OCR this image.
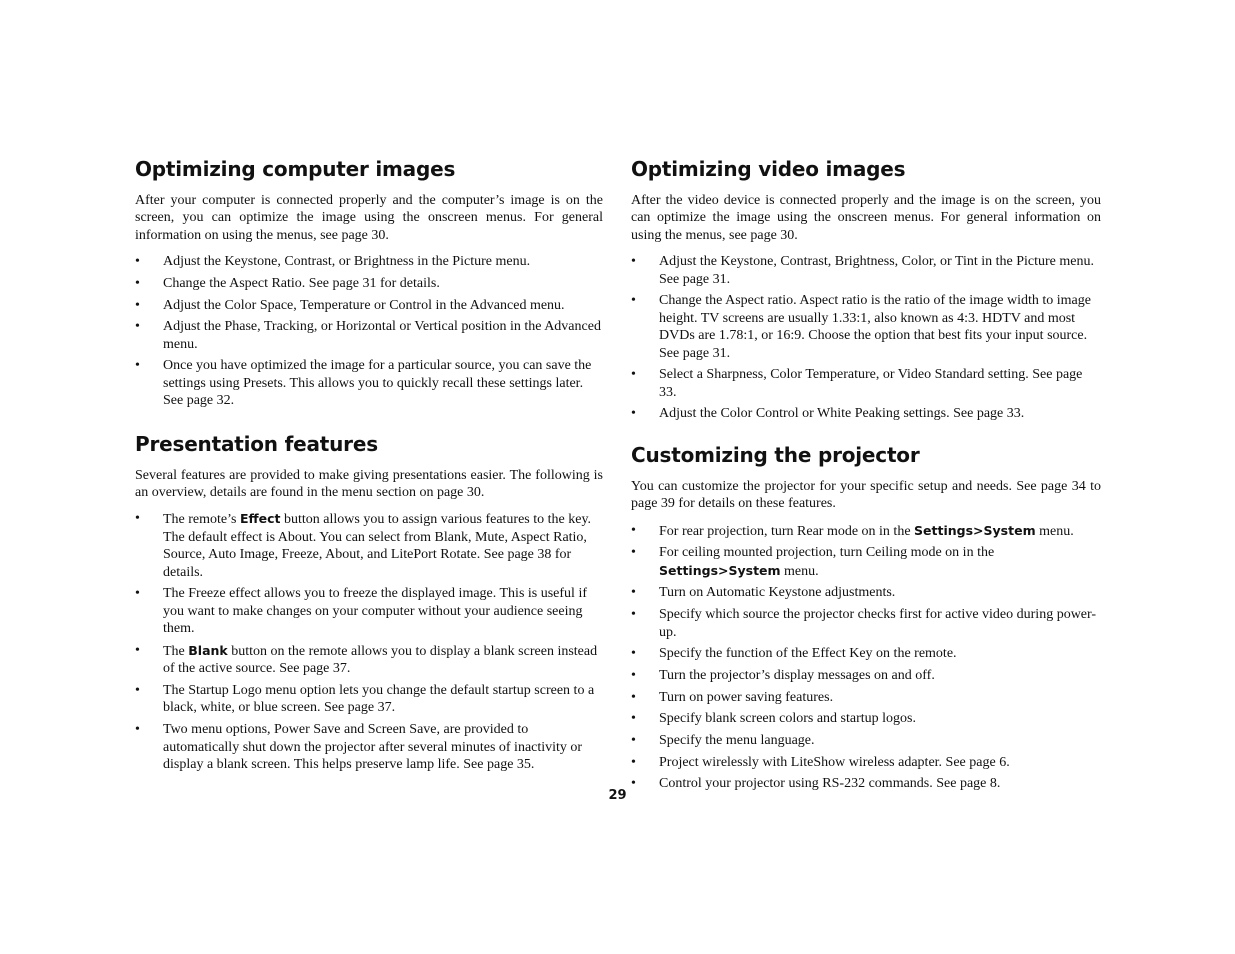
Optimizing computer images

After your computer is connected properly and the computer’s image is on the screen, you can optimize the image using the onscreen menus. For general information on using the menus, see page 30.

• Adjust the Keystone, Contrast, or Brightness in the Picture menu.
• Change the Aspect Ratio. See page 31 for details.
• Adjust the Color Space, Temperature or Control in the Advanced menu.
• Adjust the Phase, Tracking, or Horizontal or Vertical position in the Advanced menu.
• Once you have optimized the image for a particular source, you can save the settings using Presets. This allows you to quickly recall these settings later. See page 32.
Presentation features

Several features are provided to make giving presentations easier. The following is an overview, details are found in the menu section on page 30.

• The remote’s Effect button allows you to assign various features to the key. The default effect is About. You can select from Blank, Mute, Aspect Ratio, Source, Auto Image, Freeze, About, and LitePort Rotate. See page 38 for details.
• The Freeze effect allows you to freeze the displayed image. This is useful if you want to make changes on your computer without your audience seeing them.
• The Blank button on the remote allows you to display a blank screen instead of the active source. See page 37.
• The Startup Logo menu option lets you change the default startup screen to a black, white, or blue screen. See page 37.
• Two menu options, Power Save and Screen Save, are provided to automatically shut down the projector after several minutes of inactivity or display a blank screen. This helps preserve lamp life. See page 35.
Optimizing video images

After the video device is connected properly and the image is on the screen, you can optimize the image using the onscreen menus. For general information on using the menus, see page 30.

• Adjust the Keystone, Contrast, Brightness, Color, or Tint in the Picture menu. See page 31.
• Change the Aspect ratio. Aspect ratio is the ratio of the image width to image height. TV screens are usually 1.33:1, also known as 4:3. HDTV and most DVDs are 1.78:1, or 16:9. Choose the option that best fits your input source. See page 31.
• Select a Sharpness, Color Temperature, or Video Standard setting. See page 33.
• Adjust the Color Control or White Peaking settings. See page 33.
Customizing the projector

You can customize the projector for your specific setup and needs. See page 34 to page 39 for details on these features.

• For rear projection, turn Rear mode on in the Settings>System menu.
• For ceiling mounted projection, turn Ceiling mode on in the Settings>System menu.
• Turn on Automatic Keystone adjustments.
• Specify which source the projector checks first for active video during power-up.
• Specify the function of the Effect Key on the remote.
• Turn the projector’s display messages on and off.
• Turn on power saving features.
• Specify blank screen colors and startup logos.
• Specify the menu language.
• Project wirelessly with LiteShow wireless adapter. See page 6.
• Control your projector using RS-232 commands. See page 8.
29
